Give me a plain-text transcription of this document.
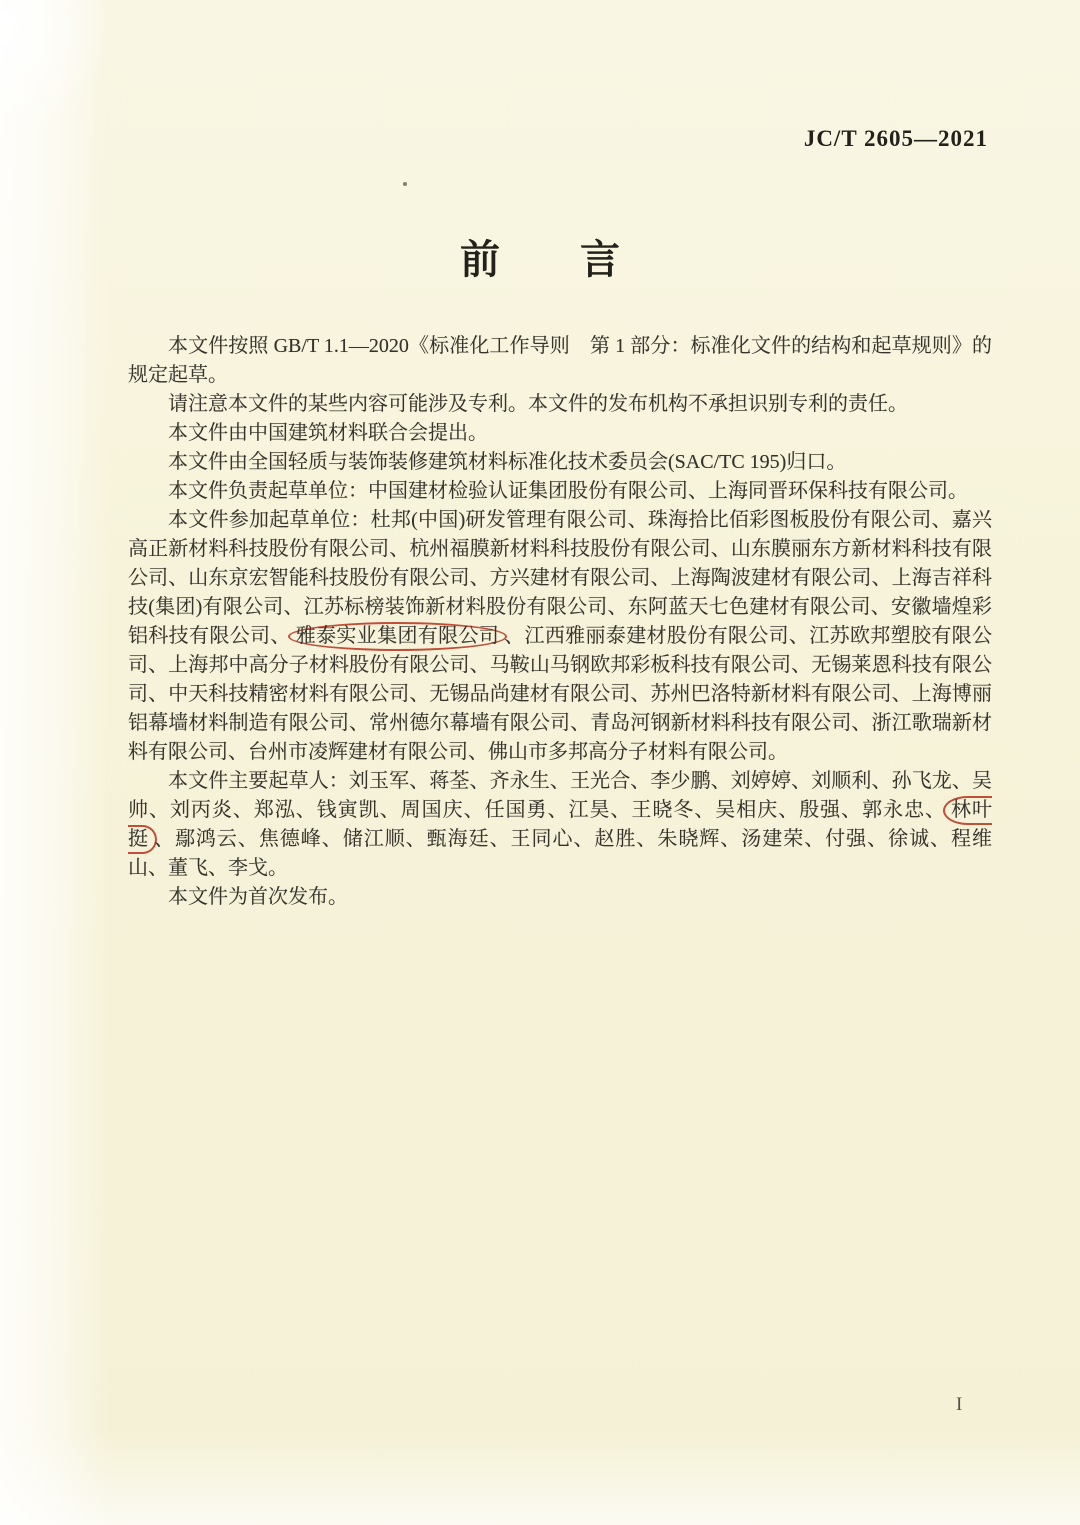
JC/T 2605—2021
前　　言

本文件按照 GB/T 1.1—2020《标准化工作导则　第 1 部分：标准化文件的结构和起草规则》的规定起草。

请注意本文件的某些内容可能涉及专利。本文件的发布机构不承担识别专利的责任。

本文件由中国建筑材料联合会提出。

本文件由全国轻质与装饰装修建筑材料标准化技术委员会(SAC/TC 195)归口。

本文件负责起草单位：中国建材检验认证集团股份有限公司、上海同晋环保科技有限公司。

本文件参加起草单位：杜邦(中国)研发管理有限公司、珠海拾比佰彩图板股份有限公司、嘉兴高正新材料科技股份有限公司、杭州福膜新材料科技股份有限公司、山东膜丽东方新材料科技有限公司、山东京宏智能科技股份有限公司、方兴建材有限公司、上海陶波建材有限公司、上海吉祥科技(集团)有限公司、江苏标榜装饰新材料股份有限公司、东阿蓝天七色建材有限公司、安徽墙煌彩铝科技有限公司、 雅泰实业集团有限公司 、江西雅丽泰建材股份有限公司、江苏欧邦塑胶有限公司、上海邦中高分子材料股份有限公司、马鞍山马钢欧邦彩板科技有限公司、无锡莱恩科技有限公司、中天科技精密材料有限公司、无锡品尚建材有限公司、苏州巴洛特新材料有限公司、上海博丽铝幕墙材料制造有限公司、常州德尔幕墙有限公司、青岛河钢新材料科技有限公司、浙江歌瑞新材料有限公司、台州市凌辉建材有限公司、佛山市多邦高分子材料有限公司。

本文件主要起草人：刘玉军、蒋荃、齐永生、王光合、李少鹏、刘婷婷、刘顺利、孙飞龙、吴帅、刘丙炎、郑泓、钱寅凯、周国庆、任国勇、江昊、王晓冬、吴相庆、殷强、郭永忠、 林叶挺 、鄢鸿云、焦德峰、储江顺、甄海廷、王同心、赵胜、朱晓辉、汤建荣、付强、徐诚、程维山、董飞、李戈。

本文件为首次发布。

I
